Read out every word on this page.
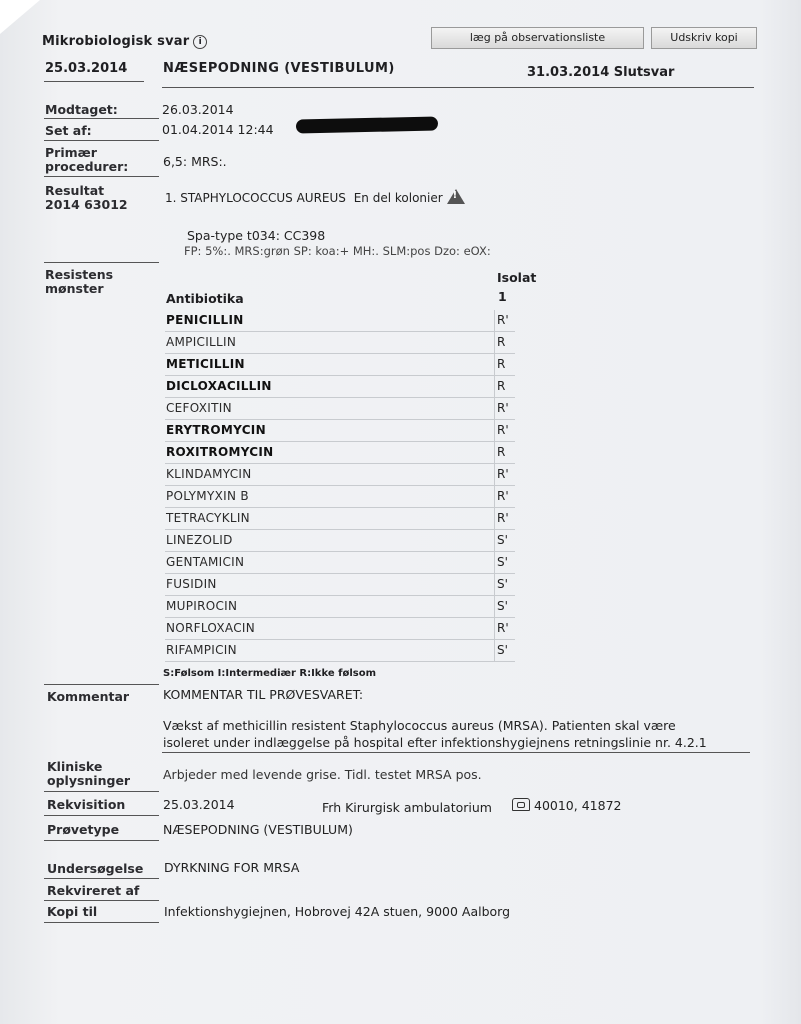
Mikrobiologisk svar i	læg på observationsliste	Udskriv kopi
25.03.2014	NÆSEPODNING (VESTIBULUM)	31.03.2014 Slutsvar
Modtaget:	26.03.2014
Set af:	01.04.2014 12:44
Primær
procedurer:	6,5: MRS:.
Resultat
2014 63012	1. STAPHYLOCOCCUS AUREUS En del kolonier!
Spa-type t034: CC398
FP: 5%:. MRS:grøn SP: koa:+ MH:. SLM:pos Dzo: eOX:
Resistens
mønster
Isolat
Antibiotika	1
PENICILLIN	R'
AMPICILLIN	R
METICILLIN	R
DICLOXACILLIN	R
CEFOXITIN	R'
ERYTROMYCIN	R'
ROXITROMYCIN	R
KLINDAMYCIN	R'
POLYMYXIN B	R'
TETRACYKLIN	R'
LINEZOLID	S'
GENTAMICIN	S'
FUSIDIN	S'
MUPIROCIN	S'
NORFLOXACIN	R'
RIFAMPICIN	S'
S:Følsom I:Intermediær R:Ikke følsom
Kommentar	KOMMENTAR TIL PRØVESVARET:
Vækst af methicillin resistent Staphylococcus aureus (MRSA). Patienten skal være
isoleret under indlæggelse på hospital efter infektionshygiejnens retningslinie nr. 4.2.1
Kliniske
oplysninger	Arbjeder med levende grise. Tidl. testet MRSA pos.
Rekvisition	25.03.2014	Frh Kirurgisk ambulatorium	40010, 41872
Prøvetype	NÆSEPODNING (VESTIBULUM)
Undersøgelse DYRKNING FOR MRSA
Rekvireret af
Kopi til	Infektionshygiejnen, Hobrovej 42A stuen, 9000 Aalborg
